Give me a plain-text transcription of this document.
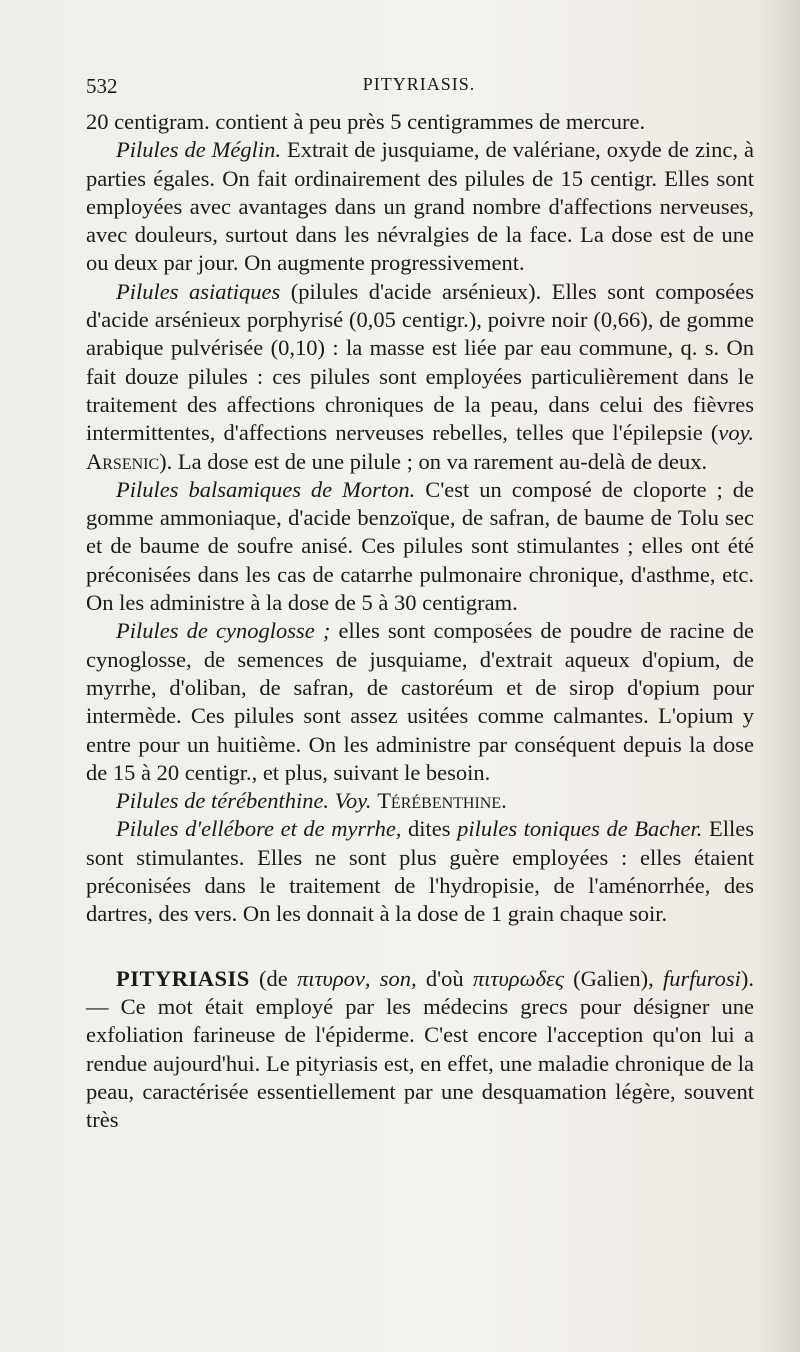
532	PITYRIASIS.

20 centigram. contient à peu près 5 centigrammes de mercure.

Pilules de Méglin. Extrait de jusquiame, de valériane, oxyde de zinc, à parties égales. On fait ordinairement des pilules de 15 centigr. Elles sont employées avec avantages dans un grand nombre d'affections nerveuses, avec douleurs, surtout dans les névralgies de la face. La dose est de une ou deux par jour. On augmente progressivement.

Pilules asiatiques (pilules d'acide arsénieux). Elles sont composées d'acide arsénieux porphyrisé (0,05 centigr.), poivre noir (0,66), de gomme arabique pulvérisée (0,10) : la masse est liée par eau commune, q. s. On fait douze pilules : ces pilules sont employées particulièrement dans le traitement des affections chroniques de la peau, dans celui des fièvres intermittentes, d'affections nerveuses rebelles, telles que l'épilepsie (voy. Arsenic). La dose est de une pilule ; on va rarement au-delà de deux.

Pilules balsamiques de Morton. C'est un composé de cloporte ; de gomme ammoniaque, d'acide benzoïque, de safran, de baume de Tolu sec et de baume de soufre anisé. Ces pilules sont stimulantes ; elles ont été préconisées dans les cas de catarrhe pulmonaire chronique, d'asthme, etc. On les administre à la dose de 5 à 30 centigram.

Pilules de cynoglosse ; elles sont composées de poudre de racine de cynoglosse, de semences de jusquiame, d'extrait aqueux d'opium, de myrrhe, d'oliban, de safran, de castoréum et de sirop d'opium pour intermède. Ces pilules sont assez usitées comme calmantes. L'opium y entre pour un huitième. On les administre par conséquent depuis la dose de 15 à 20 centigr., et plus, suivant le besoin.

Pilules de térébenthine. Voy. Térébenthine.

Pilules d'ellébore et de myrrhe, dites pilules toniques de Bacher. Elles sont stimulantes. Elles ne sont plus guère employées : elles étaient préconisées dans le traitement de l'hydropisie, de l'aménorrhée, des dartres, des vers. On les donnait à la dose de 1 grain chaque soir.

PITYRIASIS (de πιτυρον, son, d'où πιτυρωδες (Galien), furfurosi). — Ce mot était employé par les médecins grecs pour désigner une exfoliation farineuse de l'épiderme. C'est encore l'acception qu'on lui a rendue aujourd'hui. Le pityriasis est, en effet, une maladie chronique de la peau, caractérisée essentiellement par une desquamation légère, souvent très
